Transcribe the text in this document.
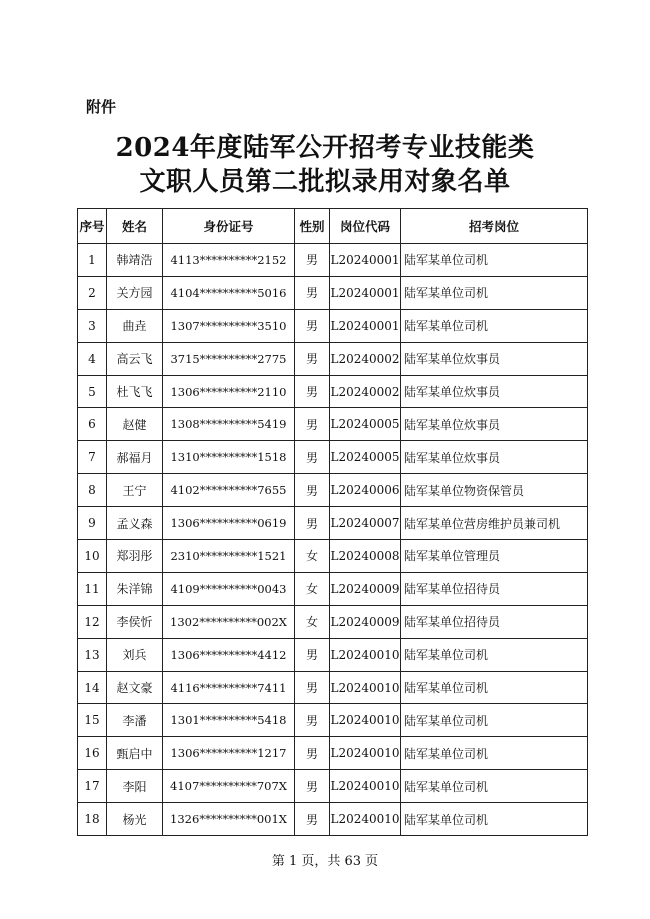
附件
2024年度陆军公开招考专业技能类
文职人员第二批拟录用对象名单
序号	姓名	身份证号	性别	岗位代码	招考岗位
1	韩靖浩	4113**********2152	男	L20240001	陆军某单位司机
2	关方园	4104**********5016	男	L20240001	陆军某单位司机
3	曲垚	1307**********3510	男	L20240001	陆军某单位司机
4	高云飞	3715**********2775	男	L20240002	陆军某单位炊事员
5	杜飞飞	1306**********2110	男	L20240002	陆军某单位炊事员
6	赵健	1308**********5419	男	L20240005	陆军某单位炊事员
7	郝福月	1310**********1518	男	L20240005	陆军某单位炊事员
8	王宁	4102**********7655	男	L20240006	陆军某单位物资保管员
9	孟义森	1306**********0619	男	L20240007	陆军某单位营房维护员兼司机
10	郑羽彤	2310**********1521	女	L20240008	陆军某单位管理员
11	朱洋锦	4109**********0043	女	L20240009	陆军某单位招待员
12	李侯忻	1302**********002X	女	L20240009	陆军某单位招待员
13	刘兵	1306**********4412	男	L20240010	陆军某单位司机
14	赵文豪	4116**********7411	男	L20240010	陆军某单位司机
15	李潘	1301**********5418	男	L20240010	陆军某单位司机
16	甄启中	1306**********1217	男	L20240010	陆军某单位司机
17	李阳	4107**********707X	男	L20240010	陆军某单位司机
18	杨光	1326**********001X	男	L20240010	陆军某单位司机
第 1 页，共 63 页
